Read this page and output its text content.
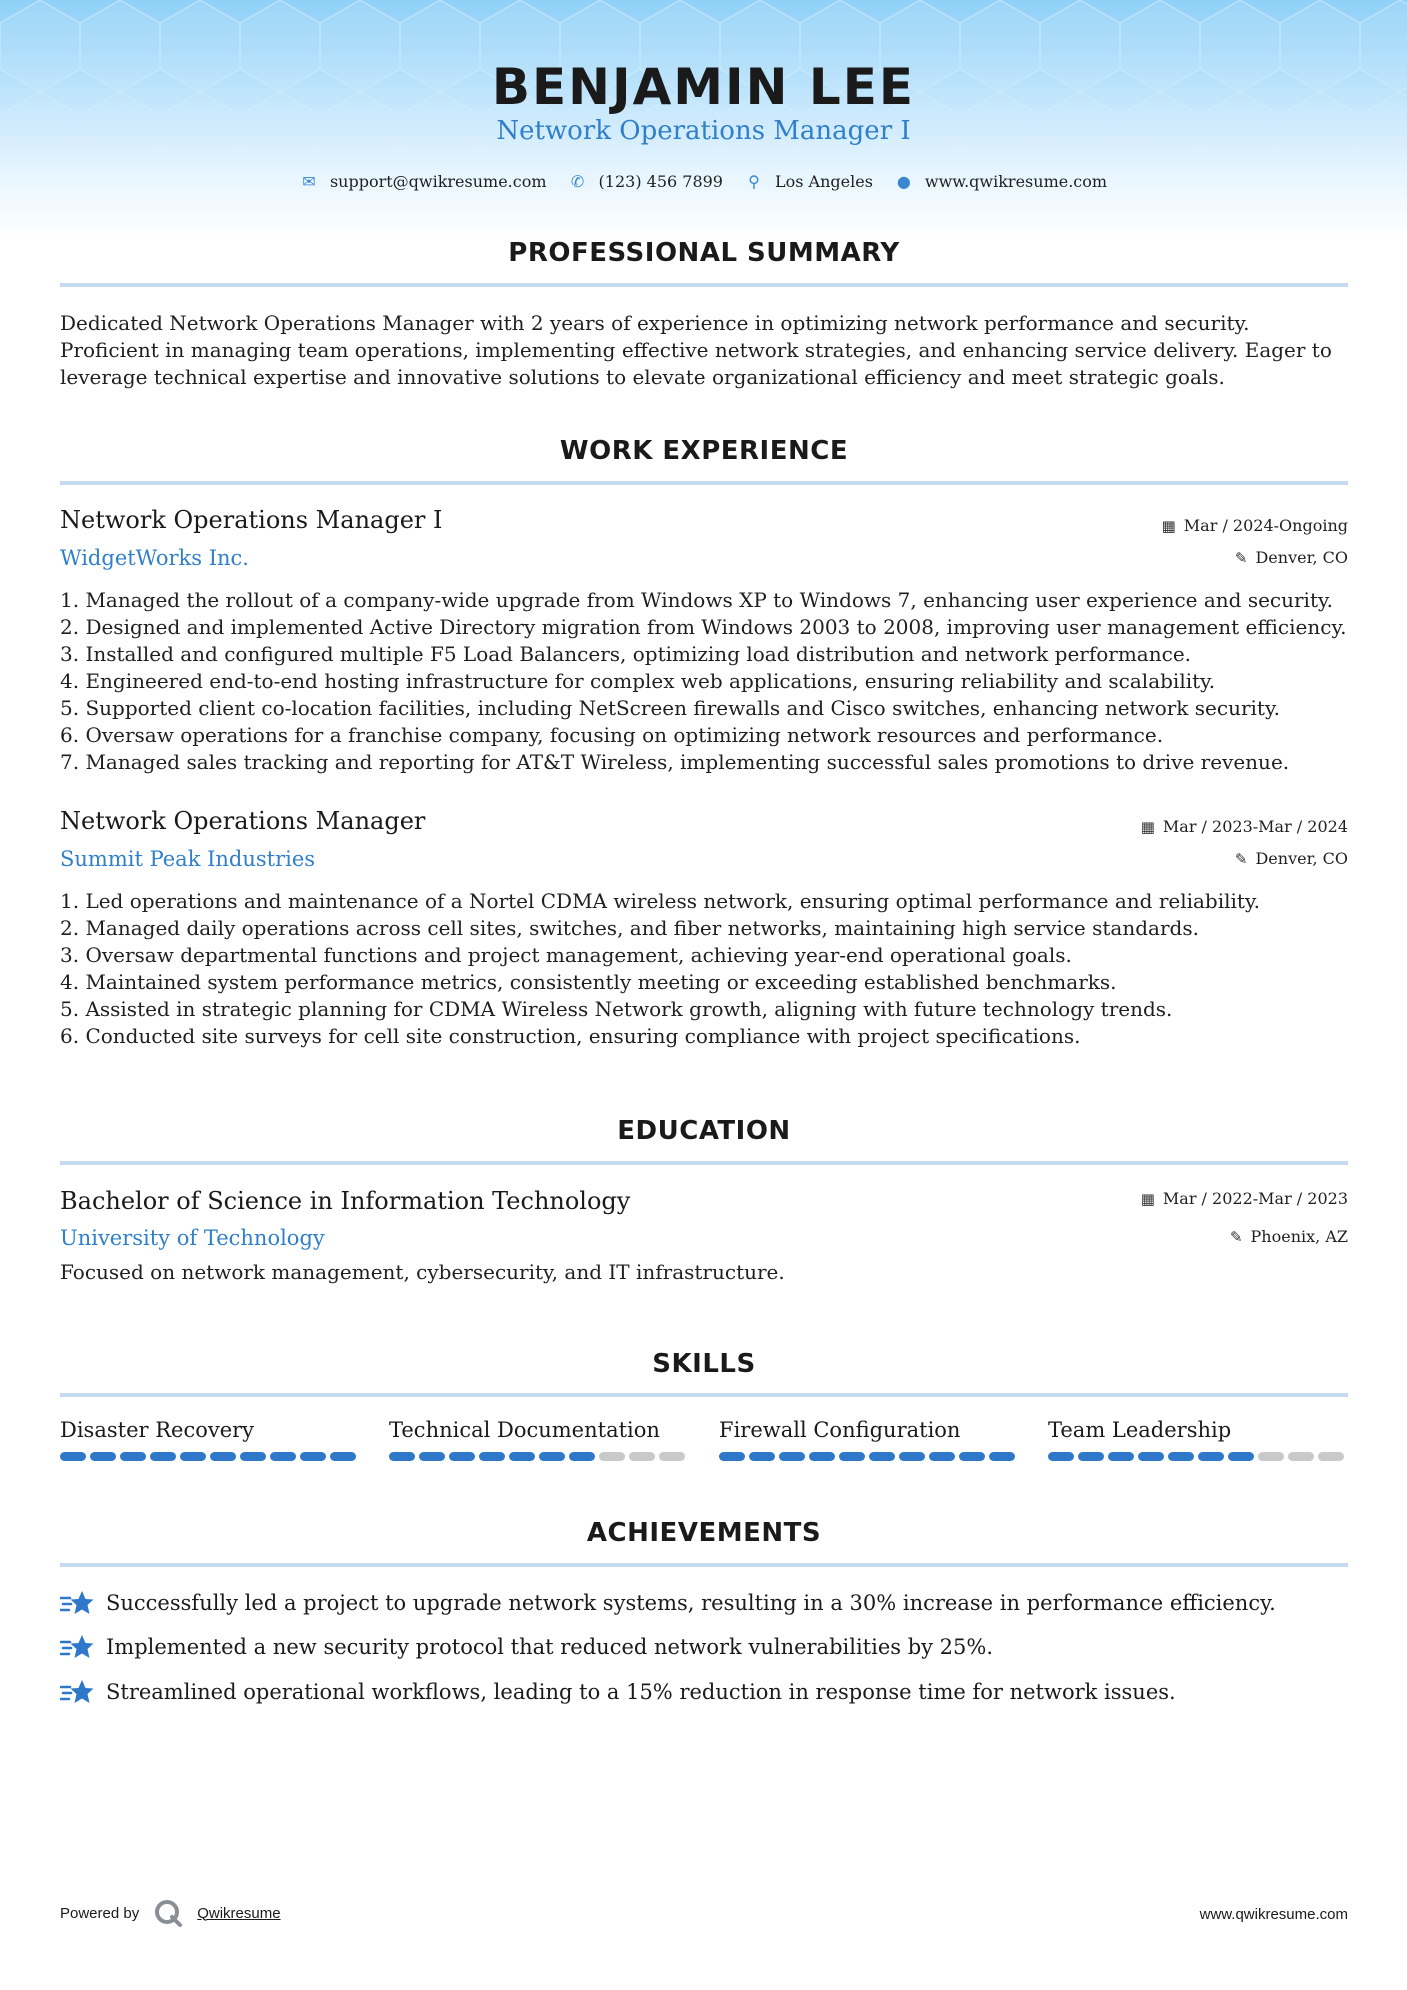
BENJAMIN LEE
Network Operations Manager I
✉ support@qwikresume.com ✆ (123) 456 7899 ⚲ Los Angeles ● www.qwikresume.com
PROFESSIONAL SUMMARY
Dedicated Network Operations Manager with 2 years of experience in optimizing network performance and security. Proficient in managing team operations, implementing effective network strategies, and enhancing service delivery. Eager to leverage technical expertise and innovative solutions to elevate organizational efficiency and meet strategic goals.
WORK EXPERIENCE
Network Operations Manager I
WidgetWorks Inc.
▦ Mar / 2024-Ongoing
✎ Denver, CO
1. Managed the rollout of a company-wide upgrade from Windows XP to Windows 7, enhancing user experience and security.
2. Designed and implemented Active Directory migration from Windows 2003 to 2008, improving user management efficiency.
3. Installed and configured multiple F5 Load Balancers, optimizing load distribution and network performance.
4. Engineered end-to-end hosting infrastructure for complex web applications, ensuring reliability and scalability.
5. Supported client co-location facilities, including NetScreen firewalls and Cisco switches, enhancing network security.
6. Oversaw operations for a franchise company, focusing on optimizing network resources and performance.
7. Managed sales tracking and reporting for AT&T Wireless, implementing successful sales promotions to drive revenue.
Network Operations Manager
Summit Peak Industries
▦ Mar / 2023-Mar / 2024
✎ Denver, CO
1. Led operations and maintenance of a Nortel CDMA wireless network, ensuring optimal performance and reliability.
2. Managed daily operations across cell sites, switches, and fiber networks, maintaining high service standards.
3. Oversaw departmental functions and project management, achieving year-end operational goals.
4. Maintained system performance metrics, consistently meeting or exceeding established benchmarks.
5. Assisted in strategic planning for CDMA Wireless Network growth, aligning with future technology trends.
6. Conducted site surveys for cell site construction, ensuring compliance with project specifications.
EDUCATION
Bachelor of Science in Information Technology
University of Technology
▦ Mar / 2022-Mar / 2023
✎ Phoenix, AZ
Focused on network management, cybersecurity, and IT infrastructure.
SKILLS
Disaster Recovery	Technical Documentation	Firewall Configuration	Team Leadership
ACHIEVEMENTS
Successfully led a project to upgrade network systems, resulting in a 30% increase in performance efficiency.
Implemented a new security protocol that reduced network vulnerabilities by 25%.
Streamlined operational workflows, leading to a 15% reduction in response time for network issues.
Powered by	Qwikresume	www.qwikresume.com
